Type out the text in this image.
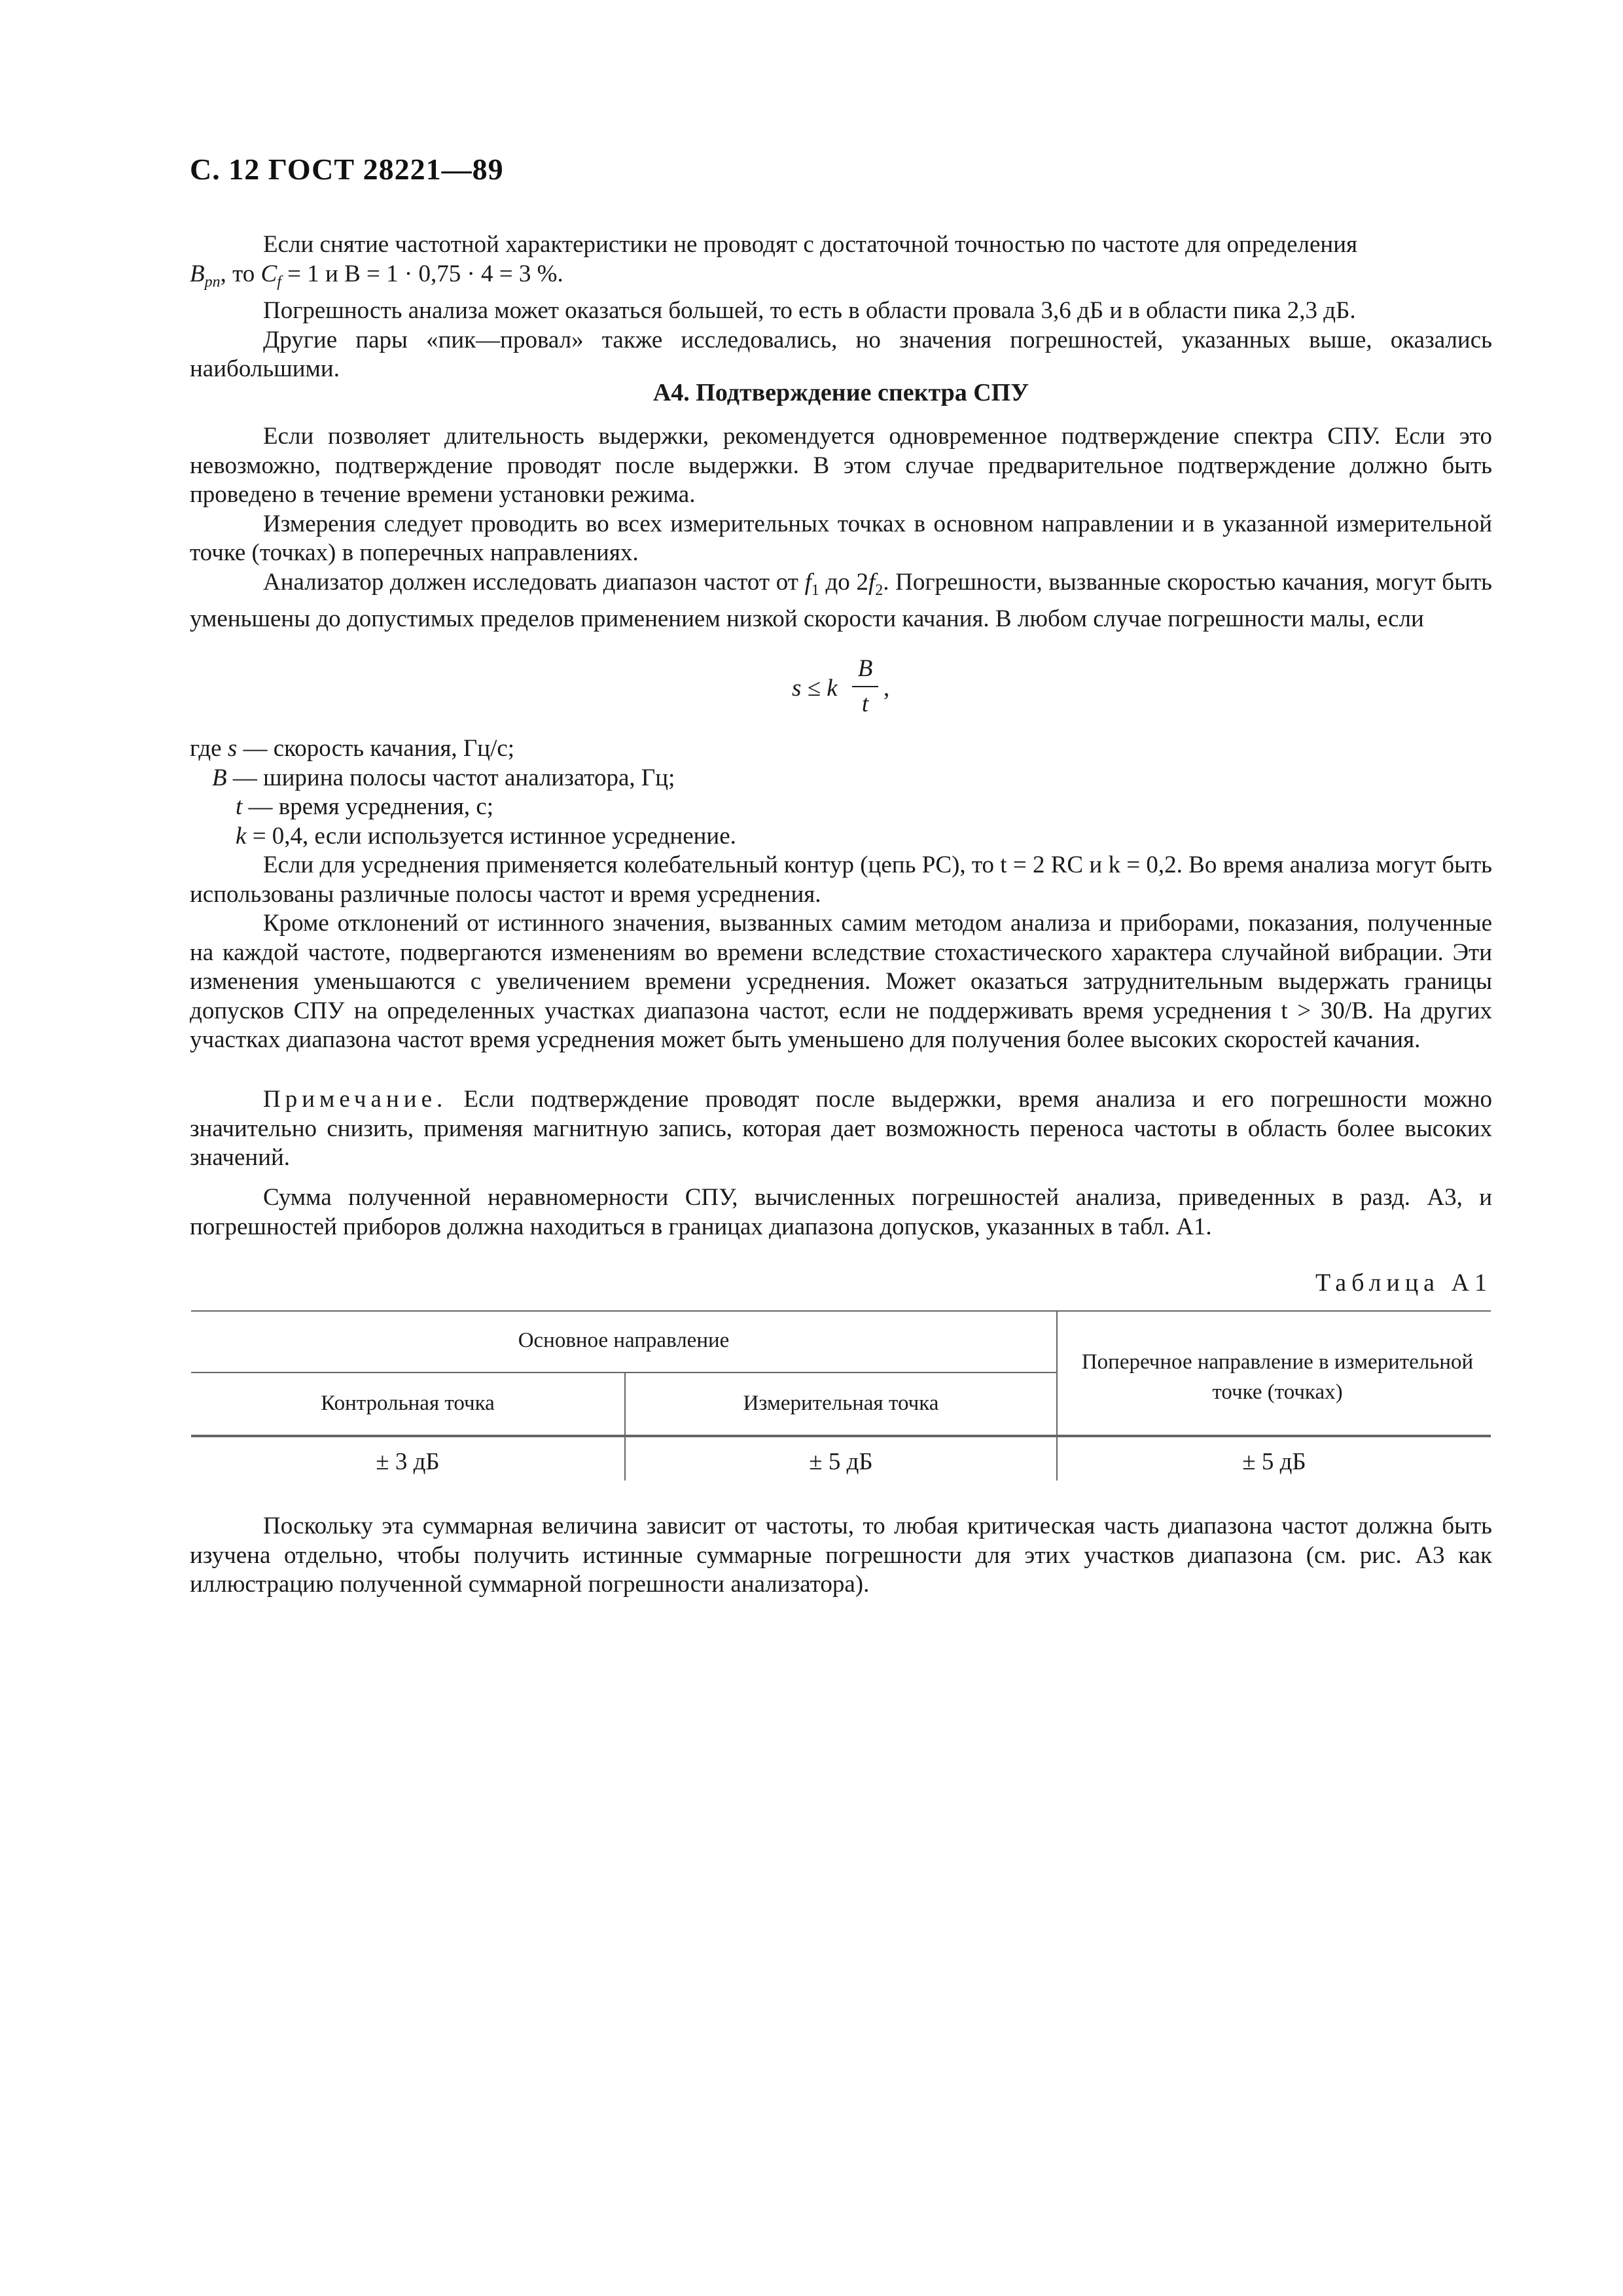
С. 12 ГОСТ 28221—89

Если снятие частотной характеристики не проводят с достаточной точностью по частоте для определения

$B_{pn}$, то $C_f = 1$ и B = 1 · 0,75 · 4 = 3 %.

Погрешность анализа может оказаться большей, то есть в области провала 3,6 дБ и в области пика 2,3 дБ.

Другие пары «пик—провал» также исследовались, но значения погрешностей, указанных выше, оказались наибольшими.

А4. Подтверждение спектра СПУ

Если позволяет длительность выдержки, рекомендуется одновременное подтверждение спектра СПУ. Если это невозможно, подтверждение проводят после выдержки. В этом случае предварительное подтверждение должно быть проведено в течение времени установки режима.

Измерения следует проводить во всех измерительных точках в основном направлении и в указанной измерительной точке (точках) в поперечных направлениях.

Анализатор должен исследовать диапазон частот от $f_1$ до $2f_2$. Погрешности, вызванные скоростью качания, могут быть уменьшены до допустимых пределов применением низкой скорости качания. В любом случае погрешности малы, если

s ≤ k
B
t
,
где s — скорость качания, Гц/с;
B — ширина полосы частот анализатора, Гц;
t — время усреднения, с;
k = 0,4, если используется истинное усреднение.

Если для усреднения применяется колебательный контур (цепь PC), то t = 2 RC и k = 0,2. Во время анализа могут быть использованы различные полосы частот и время усреднения.

Кроме отклонений от истинного значения, вызванных самим методом анализа и приборами, показания, полученные на каждой частоте, подвергаются изменениям во времени вследствие стохастического характера случайной вибрации. Эти изменения уменьшаются с увеличением времени усреднения. Может оказаться затруднительным выдержать границы допусков СПУ на определенных участках диапазона частот, если не поддерживать время усреднения t > 30/B. На других участках диапазона частот время усреднения может быть уменьшено для получения более высоких скоростей качания.

Примечание. Если подтверждение проводят после выдержки, время анализа и его погрешности можно значительно снизить, применяя магнитную запись, которая дает возможность переноса частоты в область более высоких значений.

Сумма полученной неравномерности СПУ, вычисленных погрешностей анализа, приведенных в разд. А3, и погрешностей приборов должна находиться в границах диапазона допусков, указанных в табл. А1.

Таблица А1
Основное направление
Контрольная точка	Измерительная точка
Поперечное направление в измерительной точке (точках)
± 3 дБ	± 5 дБ	± 5 дБ

Поскольку эта суммарная величина зависит от частоты, то любая критическая часть диапазона частот должна быть изучена отдельно, чтобы получить истинные суммарные погрешности для этих участков диапазона (см. рис. А3 как иллюстрацию полученной суммарной погрешности анализатора).
